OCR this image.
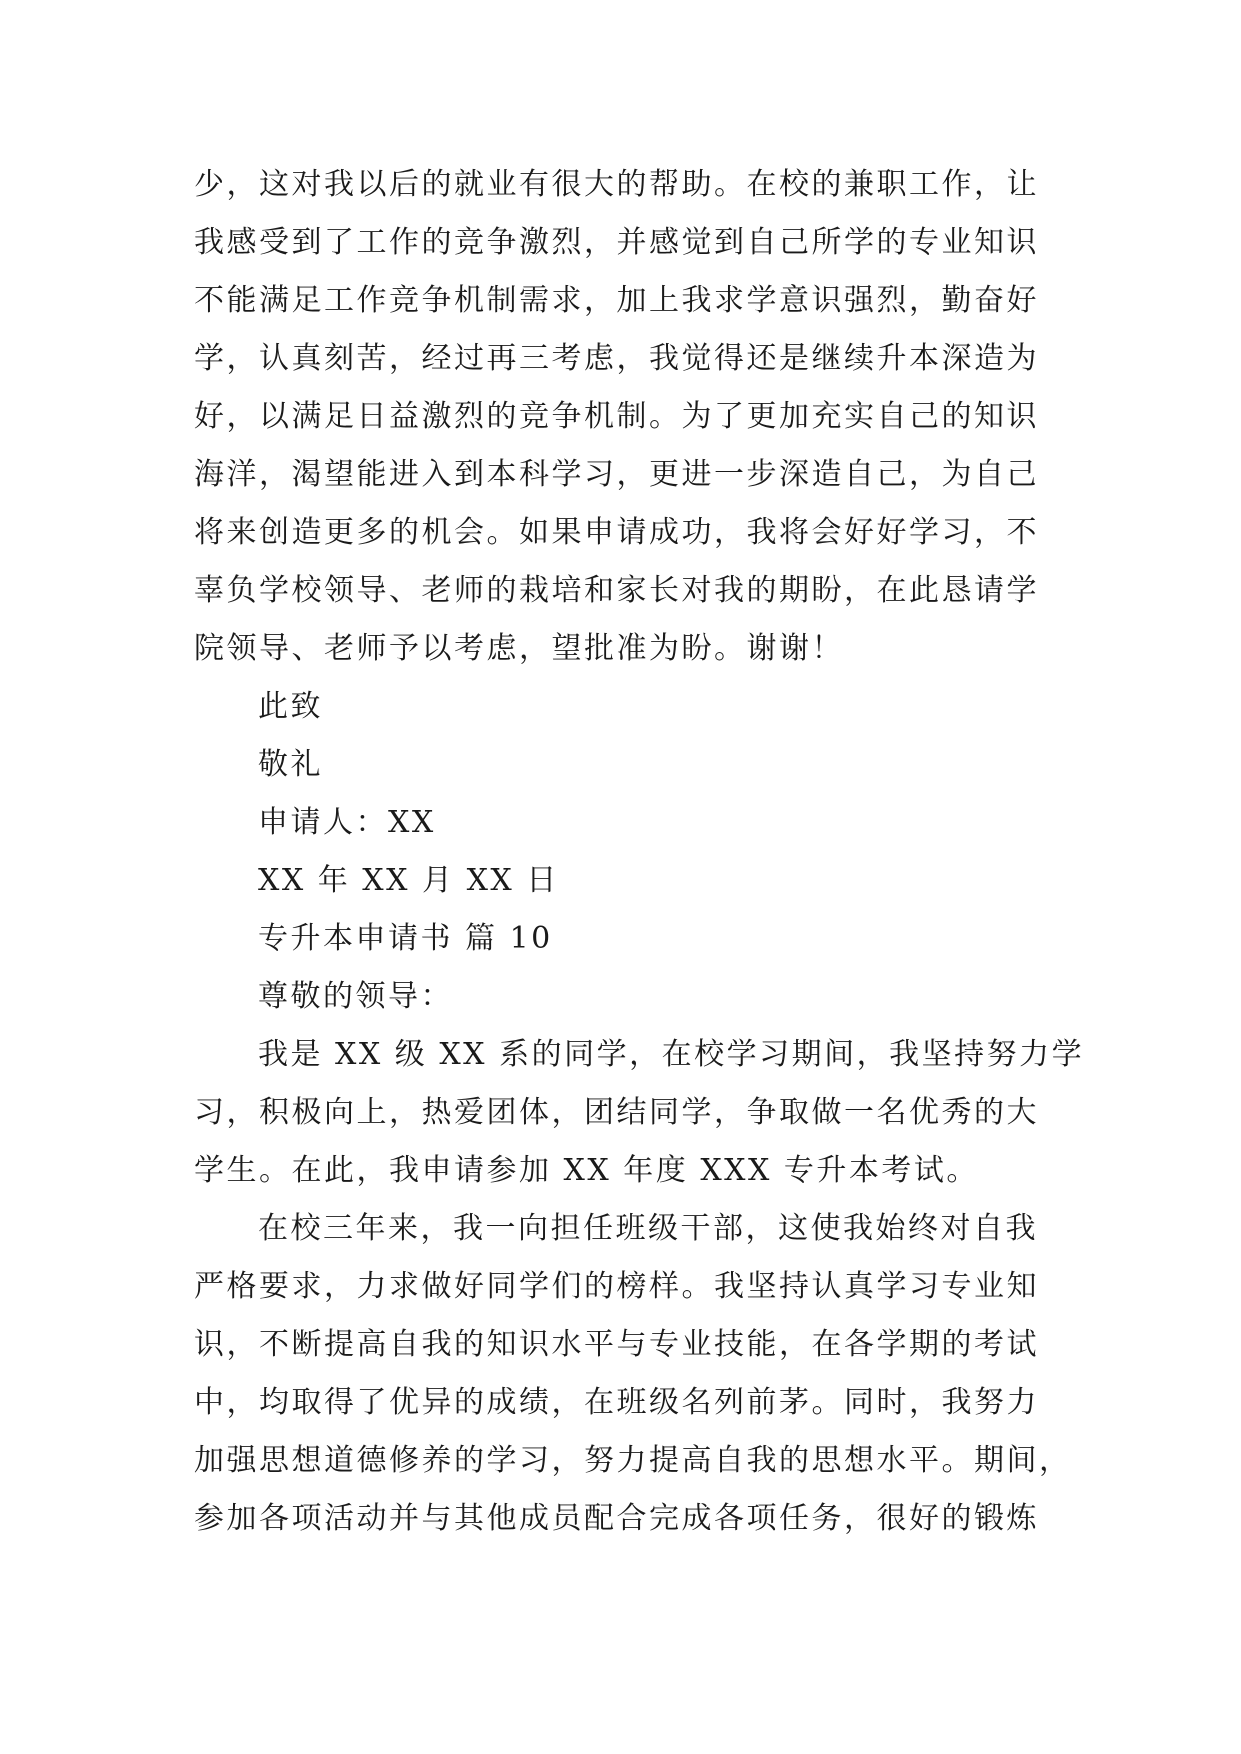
少，这对我以后的就业有很大的帮助。在校的兼职工作，让
我感受到了工作的竞争激烈，并感觉到自己所学的专业知识
不能满足工作竞争机制需求，加上我求学意识强烈，勤奋好
学，认真刻苦，经过再三考虑，我觉得还是继续升本深造为
好，以满足日益激烈的竞争机制。为了更加充实自己的知识
海洋，渴望能进入到本科学习，更进一步深造自己，为自己
将来创造更多的机会。如果申请成功，我将会好好学习，不
辜负学校领导、老师的栽培和家长对我的期盼，在此恳请学
院领导、老师予以考虑，望批准为盼。谢谢！
此致
敬礼
申请人：XX
XX 年 XX 月 XX 日
专升本申请书 篇 10
尊敬的领导：
我是 XX 级 XX 系的同学，在校学习期间，我坚持努力学
习，积极向上，热爱团体，团结同学，争取做一名优秀的大
学生。在此，我申请参加 XX 年度 XXX 专升本考试。
在校三年来，我一向担任班级干部，这使我始终对自我
严格要求，力求做好同学们的榜样。我坚持认真学习专业知
识，不断提高自我的知识水平与专业技能，在各学期的考试
中，均取得了优异的成绩，在班级名列前茅。同时，我努力
加强思想道德修养的学习，努力提高自我的思想水平。期间，
参加各项活动并与其他成员配合完成各项任务，很好的锻炼
